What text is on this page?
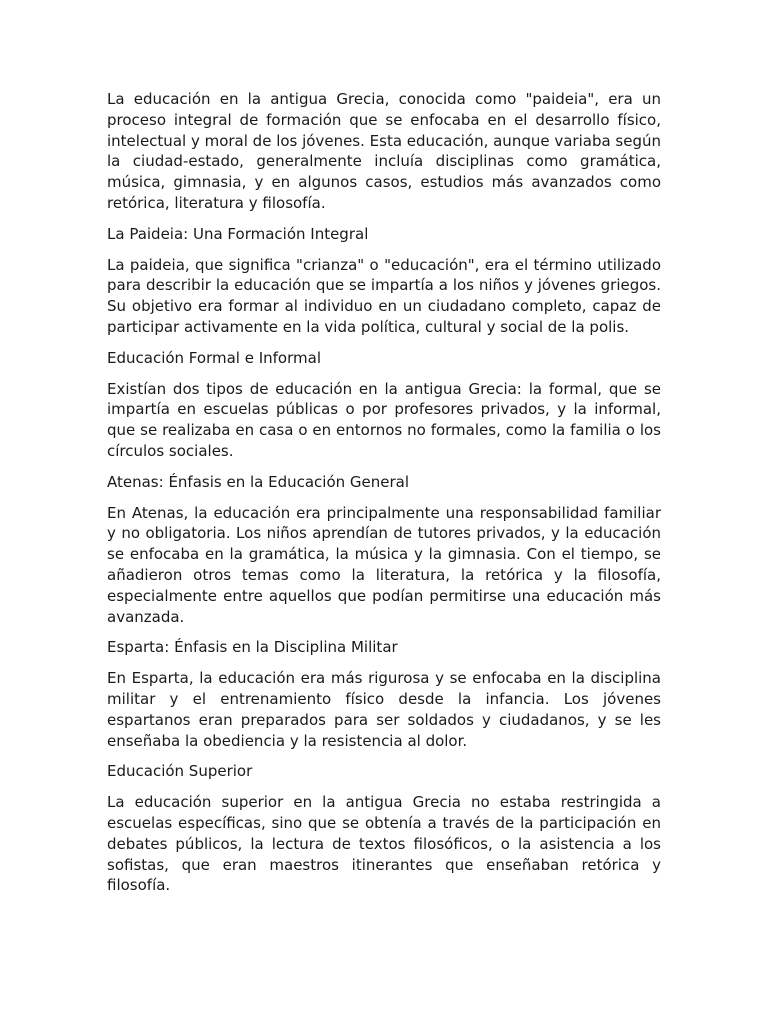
La educación en la antigua Grecia, conocida como "paideia", era un proceso integral de formación que se enfocaba en el desarrollo físico, intelectual y moral de los jóvenes. Esta educación, aunque variaba según la ciudad-estado, generalmente incluía disciplinas como gramática, música, gimnasia, y en algunos casos, estudios más avanzados como retórica, literatura y filosofía.

La Paideia: Una Formación Integral

La paideia, que significa "crianza" o "educación", era el término utilizado para describir la educación que se impartía a los niños y jóvenes griegos. Su objetivo era formar al individuo en un ciudadano completo, capaz de participar activamente en la vida política, cultural y social de la polis.

Educación Formal e Informal

Existían dos tipos de educación en la antigua Grecia: la formal, que se impartía en escuelas públicas o por profesores privados, y la informal, que se realizaba en casa o en entornos no formales, como la familia o los círculos sociales.

Atenas: Énfasis en la Educación General

En Atenas, la educación era principalmente una responsabilidad familiar y no obligatoria. Los niños aprendían de tutores privados, y la educación se enfocaba en la gramática, la música y la gimnasia. Con el tiempo, se añadieron otros temas como la literatura, la retórica y la filosofía, especialmente entre aquellos que podían permitirse una educación más avanzada.

Esparta: Énfasis en la Disciplina Militar

En Esparta, la educación era más rigurosa y se enfocaba en la disciplina militar y el entrenamiento físico desde la infancia. Los jóvenes espartanos eran preparados para ser soldados y ciudadanos, y se les enseñaba la obediencia y la resistencia al dolor.

Educación Superior

La educación superior en la antigua Grecia no estaba restringida a escuelas específicas, sino que se obtenía a través de la participación en debates públicos, la lectura de textos filosóficos, o la asistencia a los sofistas, que eran maestros itinerantes que enseñaban retórica y filosofía.
